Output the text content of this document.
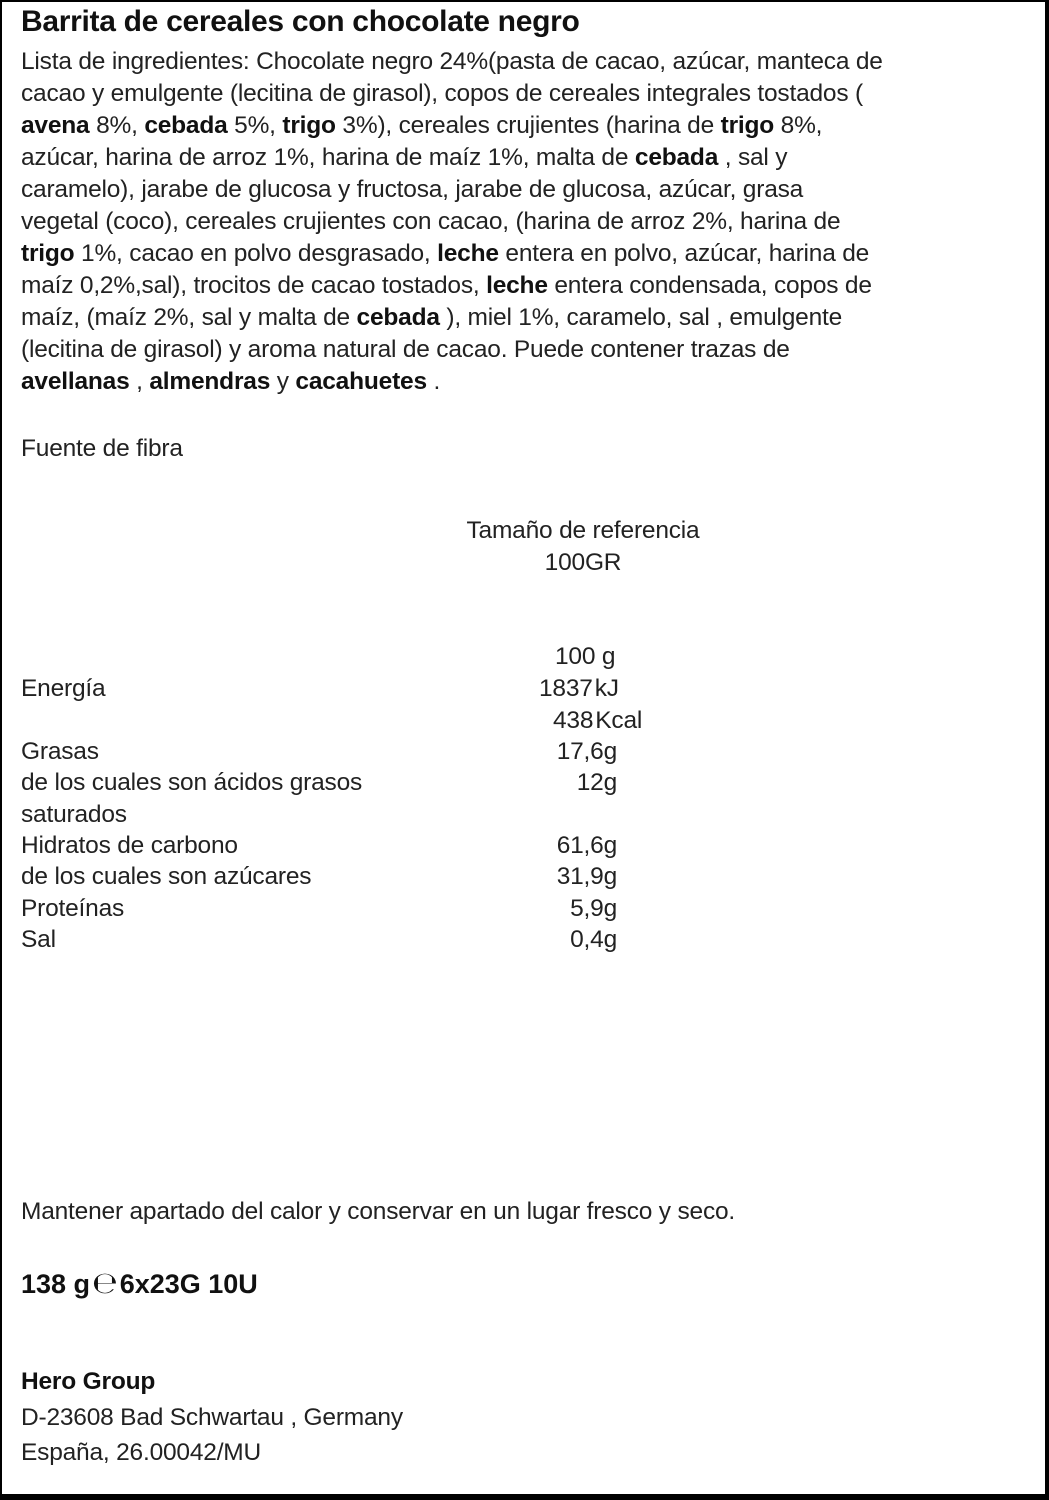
Barrita de cereales con chocolate negro
Lista de ingredientes: Chocolate negro 24%(pasta de cacao, azúcar, manteca de
cacao y emulgente (lecitina de girasol), copos de cereales integrales tostados (
avena 8%, cebada 5%, trigo 3%), cereales crujientes (harina de trigo 8%,
azúcar, harina de arroz 1%, harina de maíz 1%, malta de cebada , sal y
caramelo), jarabe de glucosa y fructosa, jarabe de glucosa, azúcar, grasa
vegetal (coco), cereales crujientes con cacao, (harina de arroz 2%, harina de
trigo 1%, cacao en polvo desgrasado, leche entera en polvo, azúcar, harina de
maíz 0,2%,sal), trocitos de cacao tostados, leche entera condensada, copos de
maíz, (maíz 2%, sal y malta de cebada ), miel 1%, caramelo, sal , emulgente
(lecitina de girasol) y aroma natural de cacao. Puede contener trazas de
avellanas , almendras y cacahuetes .
Fuente de fibra
Tamaño de referencia
100GR
100 g
Energía	1837kJ
438Kcal
Grasas	17,6g
de los cuales son ácidos grasos	12g
saturados
Hidratos de carbono	61,6g
de los cuales son azúcares	31,9g
Proteínas	5,9g
Sal	0,4g
Mantener apartado del calor y conservar en un lugar fresco y seco.
138 g℮6x23G 10U
Hero Group
D-23608 Bad Schwartau , Germany
España, 26.00042/MU
